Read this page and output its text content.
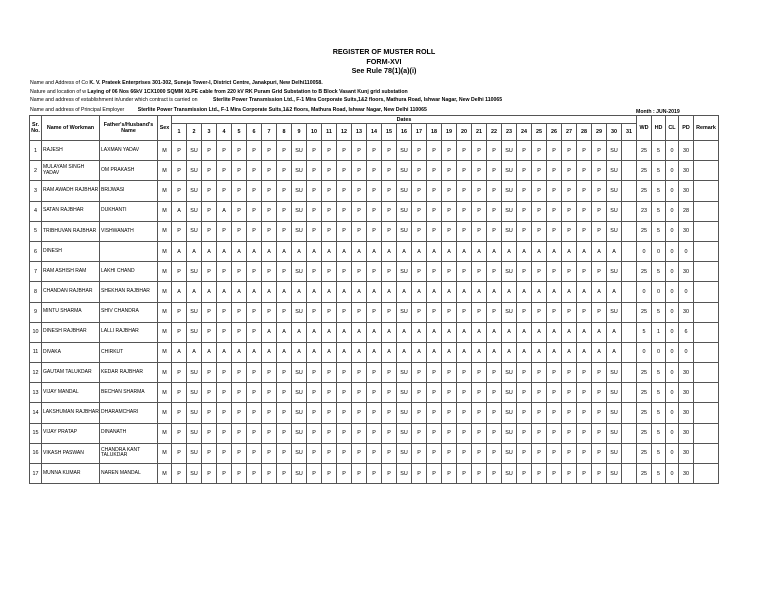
REGISTER OF MUSTER ROLL
FORM-XVI
See Rule 78(1)(a)(i)
Name and Address of Co K. V. Prateek Enterprises 301-302, Suneja Tower-I, District Centre, Janakpuri, New Delhi110058.
Nature and location of w Laying of 06 Nos 66kV 1CX1000 SQMM XLPE cable from 220 kV RK Puram Grid Substation to B Block Vasant Kunj grid substation
Name and address of establishment in/under which contract is carried on	Sterlite Power Transmission Ltd., F-1 Mira Corporate Suits,1&2 floors, Mathura Road, Ishwar Nagar, New Delhi 110065
Name and address of Principal Employer	Sterlite Power Transmission Ltd., F-1 Mira Corporate Suits,1&2 floors, Mathura Road, Ishwar Nagar, New Delhi 110065	Month : JUN-2019
Sr. No.	Name of Workman	Father's/Husband's Name	Sex	Dates																															WD	HD	CL	PD	Remark
				1	2	3	4	5	6	7	8	9	10	11	12	13	14	15	16	17	18	19	20	21	22	23	24	25	26	27	28	29	30	31					
1	RAJESH	LAXMAN YADAV	M	P	SU	P	P	P	P	P	P	SU	P	P	P	P	P	P	SU	P	P	P	P	P	P	SU	P	P	P	P	P	P	SU		25	5	0	30	
2	MULAYAM SINGH YADAV	OM PRAKASH	M	P	SU	P	P	P	P	P	P	SU	P	P	P	P	P	P	SU	P	P	P	P	P	P	SU	P	P	P	P	P	P	SU		25	5	0	30	
3	RAM AWADH RAJBHAR	BRIJWASI	M	P	SU	P	P	P	P	P	P	SU	P	P	P	P	P	P	SU	P	P	P	P	P	P	SU	P	P	P	P	P	P	SU		25	5	0	30	
4	SATAN RAJBHAR	DUKHANTI	M	A	SU	P	A	P	P	P	P	SU	P	P	P	P	P	P	SU	P	P	P	P	P	P	SU	P	P	P	P	P	P	SU		23	5	0	28	
5	TRIBHUVAN RAJBHAR	VISHWANATH	M	P	SU	P	P	P	P	P	P	SU	P	P	P	P	P	P	SU	P	P	P	P	P	P	SU	P	P	P	P	P	P	SU		25	5	0	30	
6	DINESH		M	A	A	A	A	A	A	A	A	A	A	A	A	A	A	A	A	A	A	A	A	A	A	A	A	A	A	A	A	A	A		0	0	0	0	
7	RAM ASHISH RAM	LAKHI CHAND	M	P	SU	P	P	P	P	P	P	SU	P	P	P	P	P	P	SU	P	P	P	P	P	P	SU	P	P	P	P	P	P	SU		25	5	0	30	
8	CHANDAN RAJBHAR	SHEKHAN RAJBHAR	M	A	A	A	A	A	A	A	A	A	A	A	A	A	A	A	A	A	A	A	A	A	A	A	A	A	A	A	A	A	A		0	0	0	0	
9	MINTU SHARMA	SHIV CHANDRA	M	P	SU	P	P	P	P	P	P	SU	P	P	P	P	P	P	SU	P	P	P	P	P	P	SU	P	P	P	P	P	P	SU		25	5	0	30	
10	DINESH RAJBHAR	LALLI RAJBHAR	M	P	SU	P	P	P	P	A	A	A	A	A	A	A	A	A	A	A	A	A	A	A	A	A	A	A	A	A	A	A	A		5	1	0	6	
11	DIVAKA	CHIRKUT	M	A	A	A	A	A	A	A	A	A	A	A	A	A	A	A	A	A	A	A	A	A	A	A	A	A	A	A	A	A	A		0	0	0	0	
12	GAUTAM TALUKDAR	KEDAR RAJBHAR	M	P	SU	P	P	P	P	P	P	SU	P	P	P	P	P	P	SU	P	P	P	P	P	P	SU	P	P	P	P	P	P	SU		25	5	0	30	
13	VIJAY MANDAL	BECHAN SHARMA	M	P	SU	P	P	P	P	P	P	SU	P	P	P	P	P	P	SU	P	P	P	P	P	P	SU	P	P	P	P	P	P	SU		25	5	0	30	
14	LAKSHUMAN RAJBHAR	DHARAMCHARI	M	P	SU	P	P	P	P	P	P	SU	P	P	P	P	P	P	SU	P	P	P	P	P	P	SU	P	P	P	P	P	P	SU		25	5	0	30	
15	VIJAY PRATAP	DINANATH	M	P	SU	P	P	P	P	P	P	SU	P	P	P	P	P	P	SU	P	P	P	P	P	P	SU	P	P	P	P	P	P	SU		25	5	0	30	
16	VIKASH PASWAN	CHANDRA KANT TALUKDAR	M	P	SU	P	P	P	P	P	P	SU	P	P	P	P	P	P	SU	P	P	P	P	P	P	SU	P	P	P	P	P	P	SU		25	5	0	30	
17	MUNNA KUMAR	NAREN MANDAL	M	P	SU	P	P	P	P	P	P	SU	P	P	P	P	P	P	SU	P	P	P	P	P	P	SU	P	P	P	P	P	P	SU		25	5	0	30	
